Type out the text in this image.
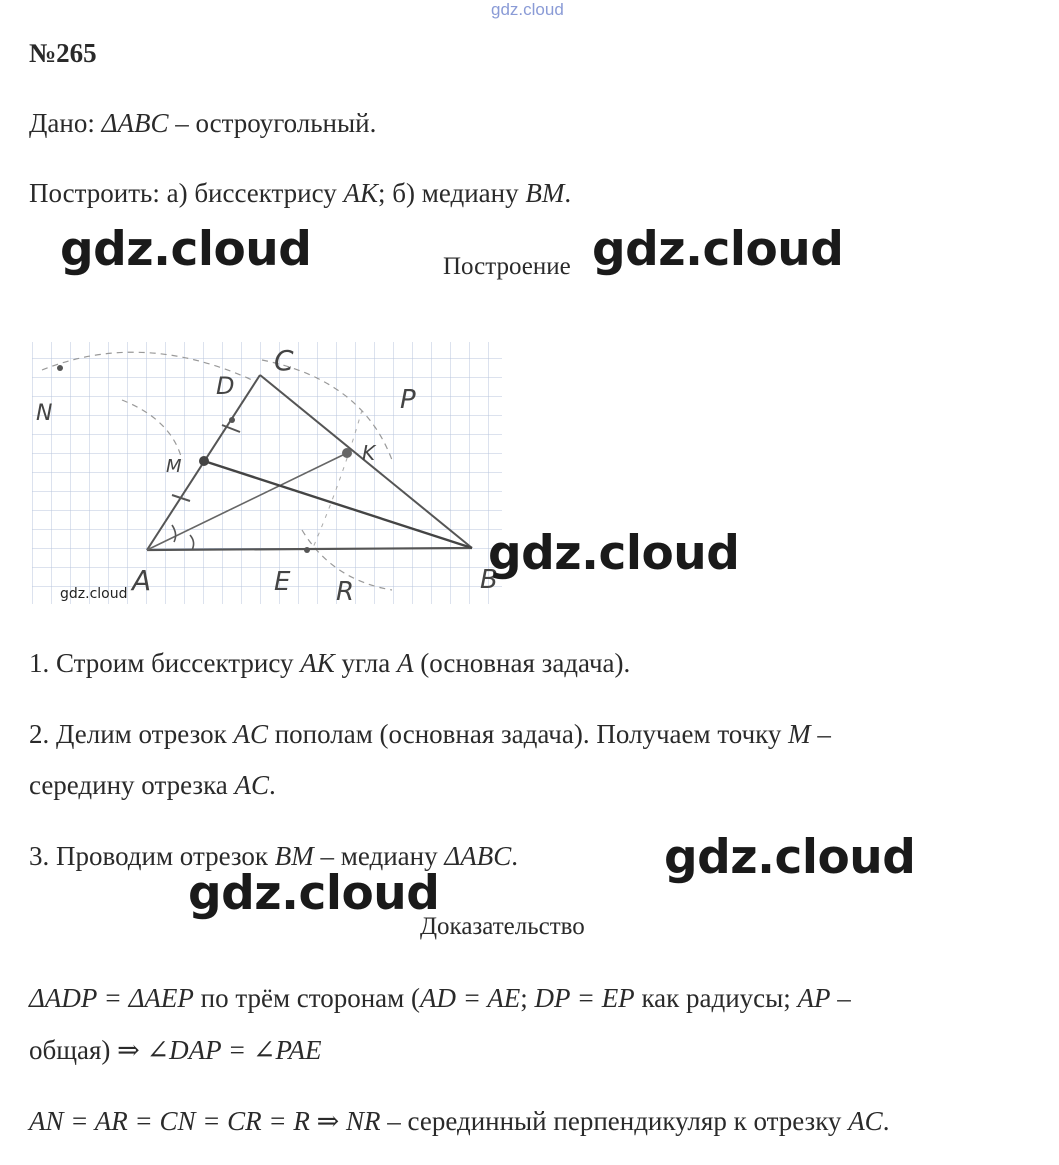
gdz.cloud
№265
Дано: ΔABC – остроугольный.
Построить: а) биссектрису AK; б) медиану BM.
gdz.cloud	Построение gdz.cloud
A	B
C
D
E
K
M
N	P
R
gdz.cloud
gdz.cloud
1. Строим биссектрису AK угла A (основная задача).
2. Делим отрезок AC пополам (основная задача). Получаем точку M –
середину отрезка AC.
3. Проводим отрезок BM – медиану ΔABC.	gdz.cloud
gdz.cloud
Доказательство
ΔADP = ΔAEP по трём сторонам (AD = AE; DP = EP как радиусы; AP –
общая) ⇒ ∠DAP = ∠PAE
AN = AR = CN = CR = R ⇒ NR – серединный перпендикуляр к отрезку AC.
